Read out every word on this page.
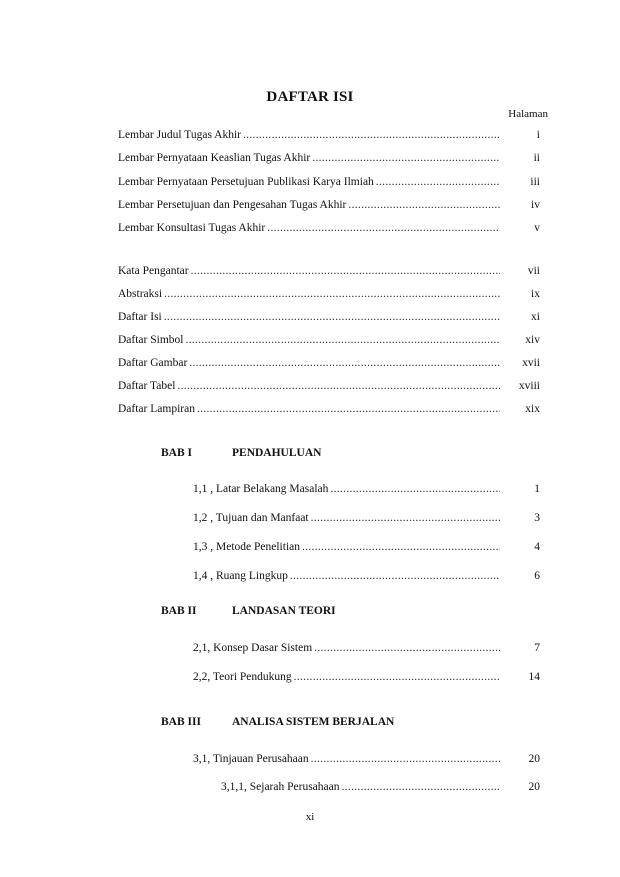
DAFTAR ISI
Halaman
Lembar Judul Tugas Akhir .....	i
Lembar Pernyataan Keaslian Tugas Akhir .....	ii
Lembar Pernyataan Persetujuan Publikasi Karya Ilmiah .....	iii
Lembar Persetujuan dan Pengesahan Tugas Akhir .....	iv
Lembar Konsultasi Tugas Akhir .....	v
Kata Pengantar .....	vii
Abstraksi .....	ix
Daftar Isi .....	xi
Daftar Simbol .....	xiv
Daftar Gambar .....	xvii
Daftar Tabel .....	xviii
Daftar Lampiran .....	xix
BAB I	PENDAHULUAN
1,1 , Latar Belakang Masalah .....	1
1,2 , Tujuan dan Manfaat .....	3
1,3 , Metode Penelitian .....	4
1,4 , Ruang Lingkup .....	6
BAB II	LANDASAN TEORI
2,1, Konsep Dasar Sistem .....	7
2,2, Teori Pendukung .....	14
BAB III	ANALISA SISTEM BERJALAN
3,1, Tinjauan Perusahaan .....	20
3,1,1, Sejarah Perusahaan .....	20
xi
